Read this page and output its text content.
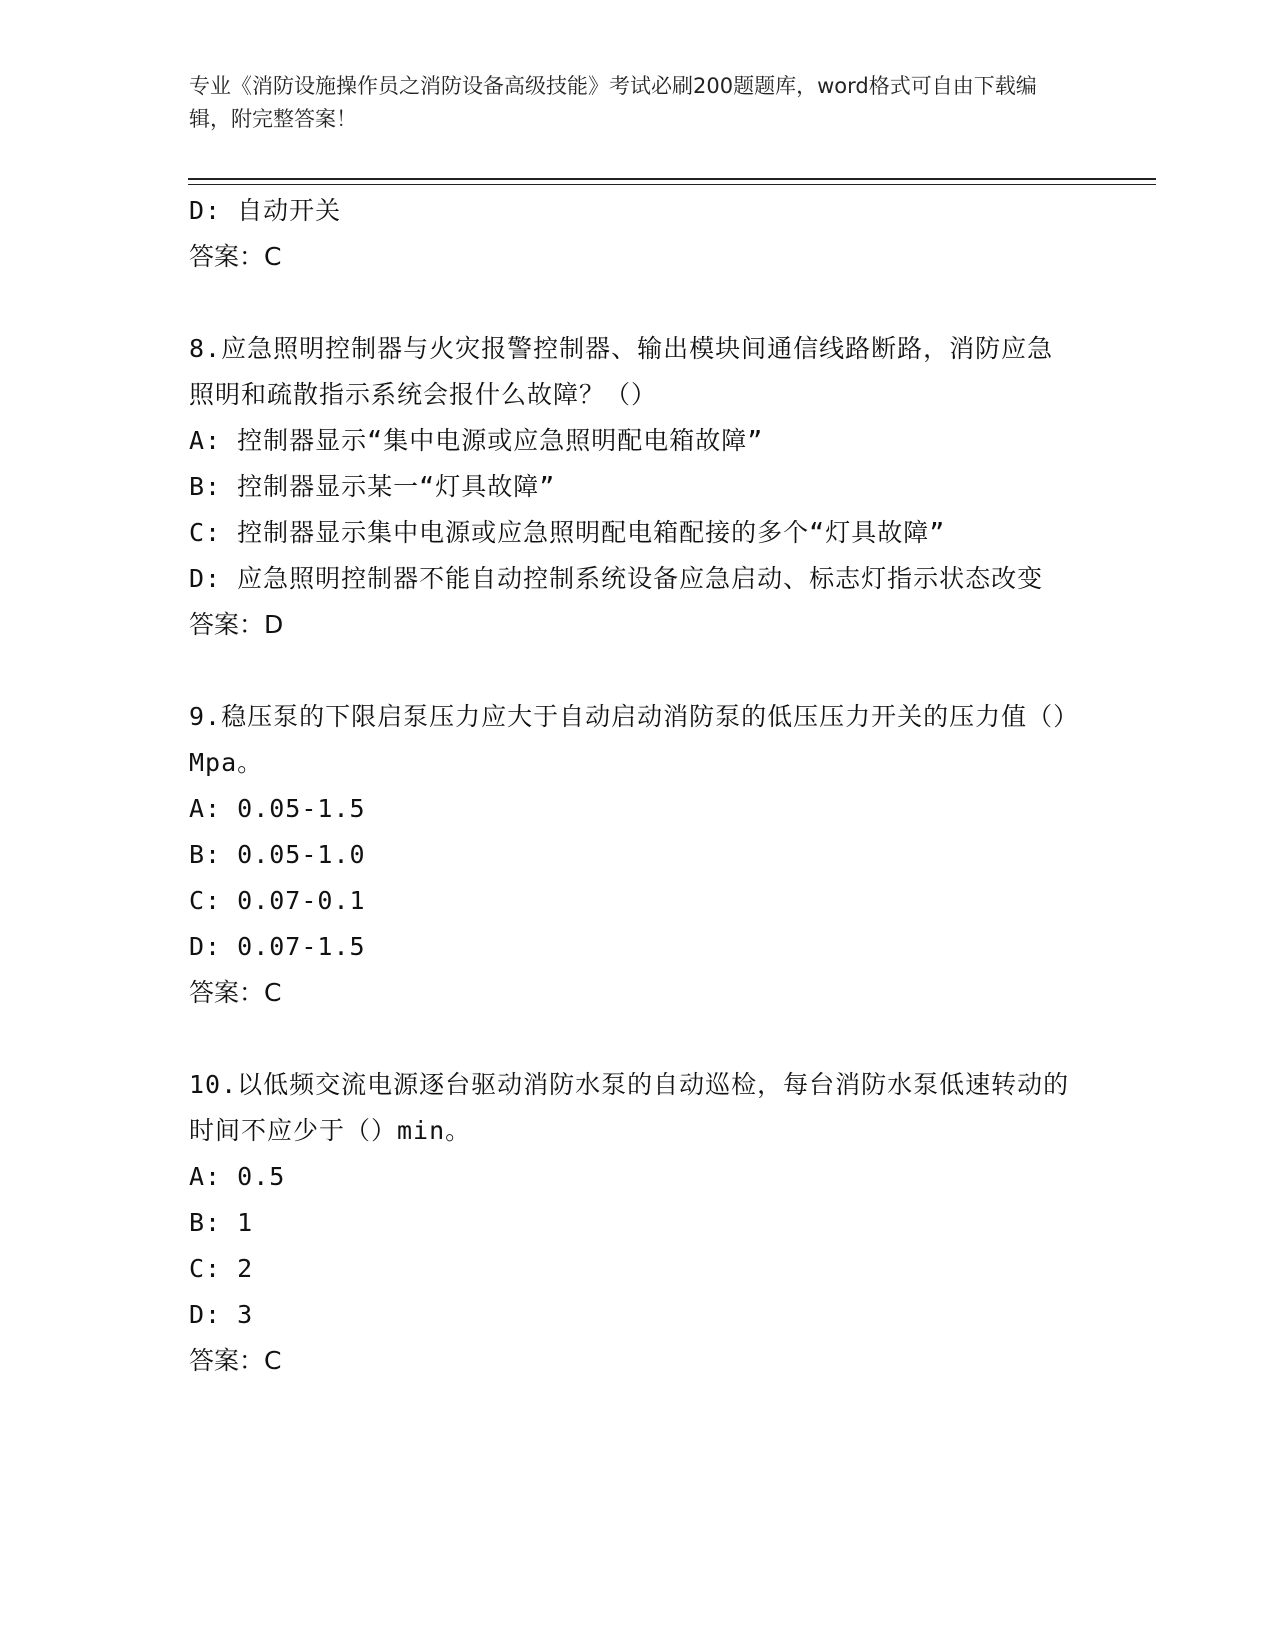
专业《消防设施操作员之消防设备高级技能》考试必刷200题题库，word格式可自由下载编辑，附完整答案！
D: 自动开关
答案：C
8.应急照明控制器与火灾报警控制器、输出模块间通信线路断路，消防应急照明和疏散指示系统会报什么故障？（）
A: 控制器显示“集中电源或应急照明配电箱故障”
B: 控制器显示某一“灯具故障”
C: 控制器显示集中电源或应急照明配电箱配接的多个“灯具故障”
D: 应急照明控制器不能自动控制系统设备应急启动、标志灯指示状态改变
答案：D
9.稳压泵的下限启泵压力应大于自动启动消防泵的低压压力开关的压力值（）Mpa。
A: 0.05-1.5
B: 0.05-1.0
C: 0.07-0.1
D: 0.07-1.5
答案：C
10.以低频交流电源逐台驱动消防水泵的自动巡检，每台消防水泵低速转动的时间不应少于（）min。
A: 0.5
B: 1
C: 2
D: 3
答案：C
